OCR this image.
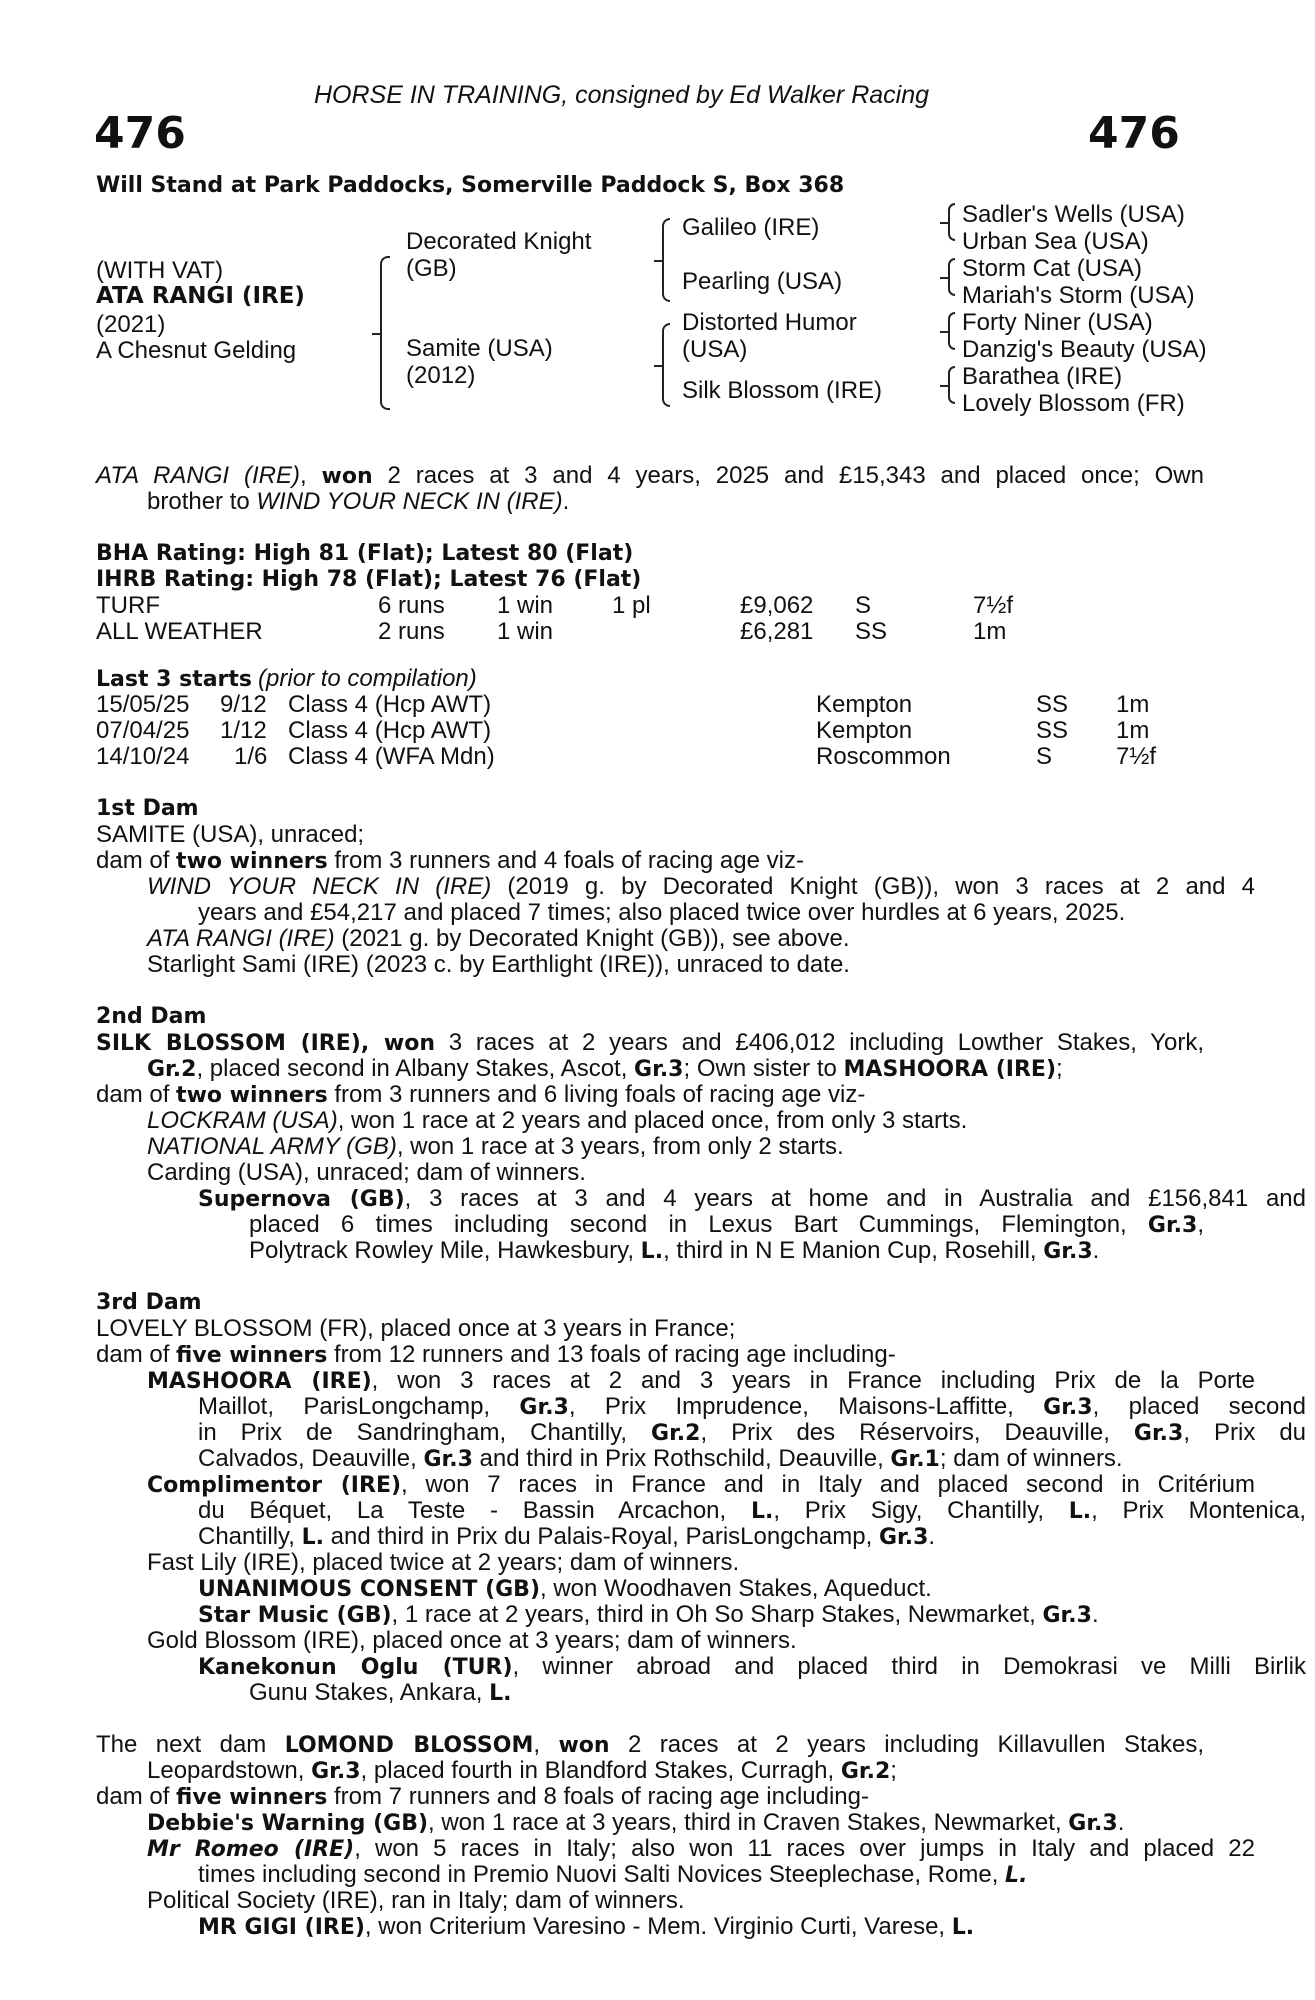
HORSE IN TRAINING, consigned by Ed Walker Racing
476	476
Will Stand at Park Paddocks, Somerville Paddock S, Box 368
(WITH VAT)
ATA RANGI (IRE)
(2021)
A Chesnut Gelding
Decorated Knight
(GB)
Samite (USA)
(2012)
Galileo (IRE)
Pearling (USA)
Distorted Humor
(USA)
Silk Blossom (IRE)
Sadler's Wells (USA)
Urban Sea (USA)
Storm Cat (USA)
Mariah's Storm (USA)
Forty Niner (USA)
Danzig's Beauty (USA)
Barathea (IRE)
Lovely Blossom (FR)
ATA RANGI (IRE), won 2 races at 3 and 4 years, 2025 and £15,343 and placed once; Own
brother to WIND YOUR NECK IN (IRE).
BHA Rating: High 81 (Flat); Latest 80 (Flat)
IHRB Rating: High 78 (Flat); Latest 76 (Flat)
TURF	6 runs 1 win 1 pl	£9,062 S	7½f
ALL WEATHER	2 runs 1 win	£6,281 SS	1m
Last 3 starts (prior to compilation)
15/05/25 9/12 Class 4 (Hcp AWT)	Kempton	SS 1m
07/04/25 1/12 Class 4 (Hcp AWT)	Kempton	SS 1m
14/10/24 1/6 Class 4 (WFA Mdn)	Roscommon	S	7½f
1st Dam
SAMITE (USA), unraced;
dam of two winners from 3 runners and 4 foals of racing age viz-
WIND YOUR NECK IN (IRE) (2019 g. by Decorated Knight (GB)), won 3 races at 2 and 4
years and £54,217 and placed 7 times; also placed twice over hurdles at 6 years, 2025.
ATA RANGI (IRE) (2021 g. by Decorated Knight (GB)), see above.
Starlight Sami (IRE) (2023 c. by Earthlight (IRE)), unraced to date.
2nd Dam
SILK BLOSSOM (IRE), won 3 races at 2 years and £406,012 including Lowther Stakes, York,
Gr.2, placed second in Albany Stakes, Ascot, Gr.3; Own sister to MASHOORA (IRE);
dam of two winners from 3 runners and 6 living foals of racing age viz-
LOCKRAM (USA), won 1 race at 2 years and placed once, from only 3 starts.
NATIONAL ARMY (GB), won 1 race at 3 years, from only 2 starts.
Carding (USA), unraced; dam of winners.
Supernova (GB), 3 races at 3 and 4 years at home and in Australia and £156,841 and
placed 6 times including second in Lexus Bart Cummings, Flemington, Gr.3,
Polytrack Rowley Mile, Hawkesbury, L., third in N E Manion Cup, Rosehill, Gr.3.
3rd Dam
LOVELY BLOSSOM (FR), placed once at 3 years in France;
dam of five winners from 12 runners and 13 foals of racing age including-
MASHOORA (IRE), won 3 races at 2 and 3 years in France including Prix de la Porte
Maillot, ParisLongchamp, Gr.3, Prix Imprudence, Maisons-Laffitte, Gr.3, placed second
in Prix de Sandringham, Chantilly, Gr.2, Prix des Réservoirs, Deauville, Gr.3, Prix du
Calvados, Deauville, Gr.3 and third in Prix Rothschild, Deauville, Gr.1; dam of winners.
Complimentor (IRE), won 7 races in France and in Italy and placed second in Critérium
du Béquet, La Teste - Bassin Arcachon, L., Prix Sigy, Chantilly, L., Prix Montenica,
Chantilly, L. and third in Prix du Palais-Royal, ParisLongchamp, Gr.3.
Fast Lily (IRE), placed twice at 2 years; dam of winners.
UNANIMOUS CONSENT (GB), won Woodhaven Stakes, Aqueduct.
Star Music (GB), 1 race at 2 years, third in Oh So Sharp Stakes, Newmarket, Gr.3.
Gold Blossom (IRE), placed once at 3 years; dam of winners.
Kanekonun Oglu (TUR), winner abroad and placed third in Demokrasi ve Milli Birlik
Gunu Stakes, Ankara, L.
The next dam LOMOND BLOSSOM, won 2 races at 2 years including Killavullen Stakes,
Leopardstown, Gr.3, placed fourth in Blandford Stakes, Curragh, Gr.2;
dam of five winners from 7 runners and 8 foals of racing age including-
Debbie's Warning (GB), won 1 race at 3 years, third in Craven Stakes, Newmarket, Gr.3.
Mr Romeo (IRE), won 5 races in Italy; also won 11 races over jumps in Italy and placed 22
times including second in Premio Nuovi Salti Novices Steeplechase, Rome, L.
Political Society (IRE), ran in Italy; dam of winners.
MR GIGI (IRE), won Criterium Varesino - Mem. Virginio Curti, Varese, L.
